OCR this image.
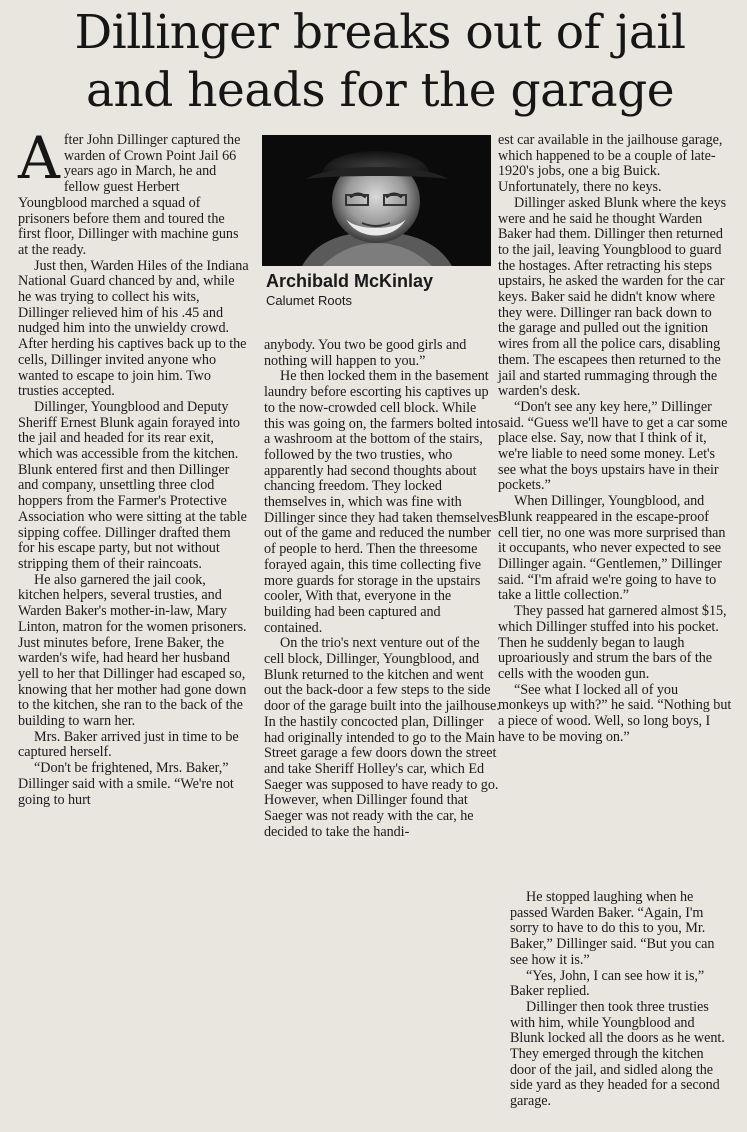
Dillinger breaks out of jail
and heads for the garage
A fter John Dillinger captured the warden of Crown Point Jail 66 years ago in March, he and fellow guest Herbert Youngblood marched a squad of prisoners before them and toured the first floor, Dillinger with machine guns at the ready.

Just then, Warden Hiles of the Indiana National Guard chanced by and, while he was trying to collect his wits, Dillinger relieved him of his .45 and nudged him into the unwieldy crowd. After herding his captives back up to the cells, Dillinger invited anyone who wanted to escape to join him. Two trusties accepted.

Dillinger, Youngblood and Deputy Sheriff Ernest Blunk again forayed into the jail and headed for its rear exit, which was accessible from the kitchen. Blunk entered first and then Dillinger and company, unsettling three clod hoppers from the Farmer's Protective Association who were sitting at the table sipping coffee. Dillinger drafted them for his escape party, but not without stripping them of their raincoats.

He also garnered the jail cook, kitchen helpers, several trusties, and Warden Baker's mother-in-law, Mary Linton, matron for the women prisoners. Just minutes before, Irene Baker, the warden's wife, had heard her husband yell to her that Dillinger had escaped so, knowing that her mother had gone down to the kitchen, she ran to the back of the building to warn her.

Mrs. Baker arrived just in time to be captured herself.

“Don't be frightened, Mrs. Baker,” Dillinger said with a smile. “We're not going to hurt

Archibald McKinlay
Calumet Roots

anybody. You two be good girls and nothing will happen to you.”

He then locked them in the basement laundry before escorting his captives up to the now-crowded cell block. While this was going on, the farmers bolted into a washroom at the bottom of the stairs, followed by the two trusties, who apparently had second thoughts about chancing freedom. They locked themselves in, which was fine with Dillinger since they had taken themselves out of the game and reduced the number of people to herd. Then the threesome forayed again, this time collecting five more guards for storage in the upstairs cooler, With that, everyone in the building had been captured and contained.

On the trio's next venture out of the cell block, Dillinger, Youngblood, and Blunk returned to the kitchen and went out the back-door a few steps to the side door of the garage built into the jailhouse. In the hastily concocted plan, Dillinger had originally intended to go to the Main Street garage a few doors down the street and take Sheriff Holley's car, which Ed Saeger was supposed to have ready to go. However, when Dillinger found that Saeger was not ready with the car, he decided to take the handi-

est car available in the jailhouse garage, which happened to be a couple of late-1920's jobs, one a big Buick. Unfortunately, there no keys.

Dillinger asked Blunk where the keys were and he said he thought Warden Baker had them. Dillinger then returned to the jail, leaving Youngblood to guard the hostages. After retracting his steps upstairs, he asked the warden for the car keys. Baker said he didn't know where they were. Dillinger ran back down to the garage and pulled out the ignition wires from all the police cars, disabling them. The escapees then returned to the jail and started rummaging through the warden's desk.

“Don't see any key here,” Dillinger said. “Guess we'll have to get a car some place else. Say, now that I think of it, we're liable to need some money. Let's see what the boys upstairs have in their pockets.”

When Dillinger, Youngblood, and Blunk reappeared in the escape-proof cell tier, no one was more surprised than it occupants, who never expected to see Dillinger again. “Gentlemen,” Dillinger said. “I'm afraid we're going to have to take a little collection.”

They passed hat garnered almost $15, which Dillinger stuffed into his pocket. Then he suddenly began to laugh uproariously and strum the bars of the cells with the wooden gun.

“See what I locked all of you monkeys up with?” he said. “Nothing but a piece of wood. Well, so long boys, I have to be moving on.”

He stopped laughing when he passed Warden Baker. “Again, I'm sorry to have to do this to you, Mr. Baker,” Dillinger said. “But you can see how it is.”

“Yes, John, I can see how it is,” Baker replied.

Dillinger then took three trusties with him, while Youngblood and Blunk locked all the doors as he went. They emerged through the kitchen door of the jail, and sidled along the side yard as they headed for a second garage.
